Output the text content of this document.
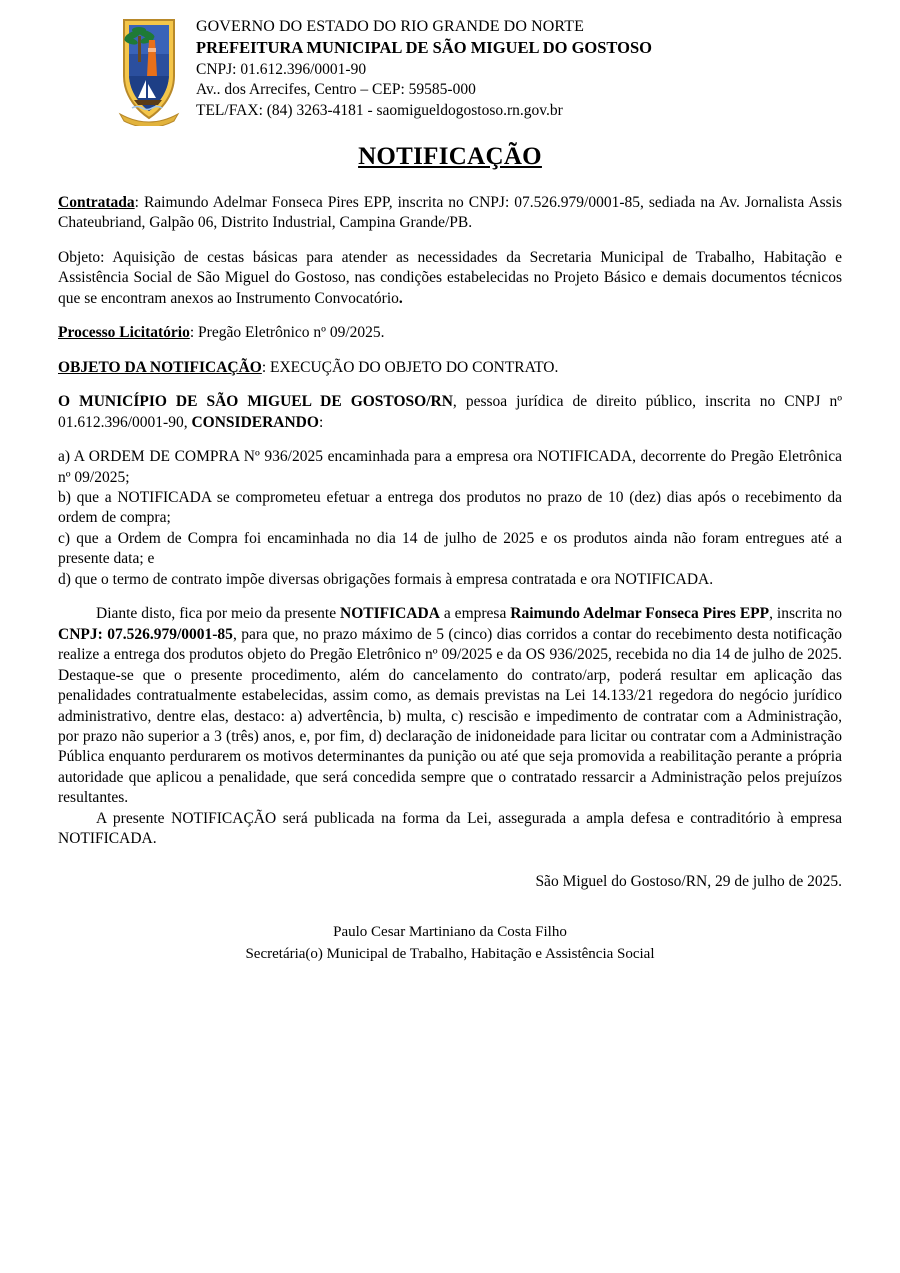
GOVERNO DO ESTADO DO RIO GRANDE DO NORTE
PREFEITURA MUNICIPAL DE SÃO MIGUEL DO GOSTOSO
CNPJ: 01.612.396/0001-90
Av.. dos Arrecifes, Centro – CEP: 59585-000
TEL/FAX: (84) 3263-4181 - saomigueldogostoso.rn.gov.br
NOTIFICAÇÃO

Contratada: Raimundo Adelmar Fonseca Pires EPP, inscrita no CNPJ: 07.526.979/0001-85, sediada na Av. Jornalista Assis Chateubriand, Galpão 06, Distrito Industrial, Campina Grande/PB.

Objeto: Aquisição de cestas básicas para atender as necessidades da Secretaria Municipal de Trabalho, Habitação e Assistência Social de São Miguel do Gostoso, nas condições estabelecidas no Projeto Básico e demais documentos técnicos que se encontram anexos ao Instrumento Convocatório.

Processo Licitatório: Pregão Eletrônico nº 09/2025.

OBJETO DA NOTIFICAÇÃO: EXECUÇÃO DO OBJETO DO CONTRATO.

O MUNICÍPIO DE SÃO MIGUEL DE GOSTOSO/RN, pessoa jurídica de direito público, inscrita no CNPJ nº 01.612.396/0001-90, CONSIDERANDO:

a) A ORDEM DE COMPRA Nº 936/2025 encaminhada para a empresa ora NOTIFICADA, decorrente do Pregão Eletrônica nº 09/2025;

b) que a NOTIFICADA se comprometeu efetuar a entrega dos produtos no prazo de 10 (dez) dias após o recebimento da ordem de compra;

c) que a Ordem de Compra foi encaminhada no dia 14 de julho de 2025 e os produtos ainda não foram entregues até a presente data; e

d) que o termo de contrato impõe diversas obrigações formais à empresa contratada e ora NOTIFICADA.

Diante disto, fica por meio da presente NOTIFICADA a empresa Raimundo Adelmar Fonseca Pires EPP, inscrita no CNPJ: 07.526.979/0001-85, para que, no prazo máximo de 5 (cinco) dias corridos a contar do recebimento desta notificação realize a entrega dos produtos objeto do Pregão Eletrônico nº 09/2025 e da OS 936/2025, recebida no dia 14 de julho de 2025. Destaque-se que o presente procedimento, além do cancelamento do contrato/arp, poderá resultar em aplicação das penalidades contratualmente estabelecidas, assim como, as demais previstas na Lei 14.133/21 regedora do negócio jurídico administrativo, dentre elas, destaco: a) advertência, b) multa, c) rescisão e impedimento de contratar com a Administração, por prazo não superior a 3 (três) anos, e, por fim, d) declaração de inidoneidade para licitar ou contratar com a Administração Pública enquanto perdurarem os motivos determinantes da punição ou até que seja promovida a reabilitação perante a própria autoridade que aplicou a penalidade, que será concedida sempre que o contratado ressarcir a Administração pelos prejuízos resultantes.

A presente NOTIFICAÇÃO será publicada na forma da Lei, assegurada a ampla defesa e contraditório à empresa NOTIFICADA.

São Miguel do Gostoso/RN, 29 de julho de 2025.

Paulo Cesar Martiniano da Costa Filho
Secretária(o) Municipal de Trabalho, Habitação e Assistência Social
